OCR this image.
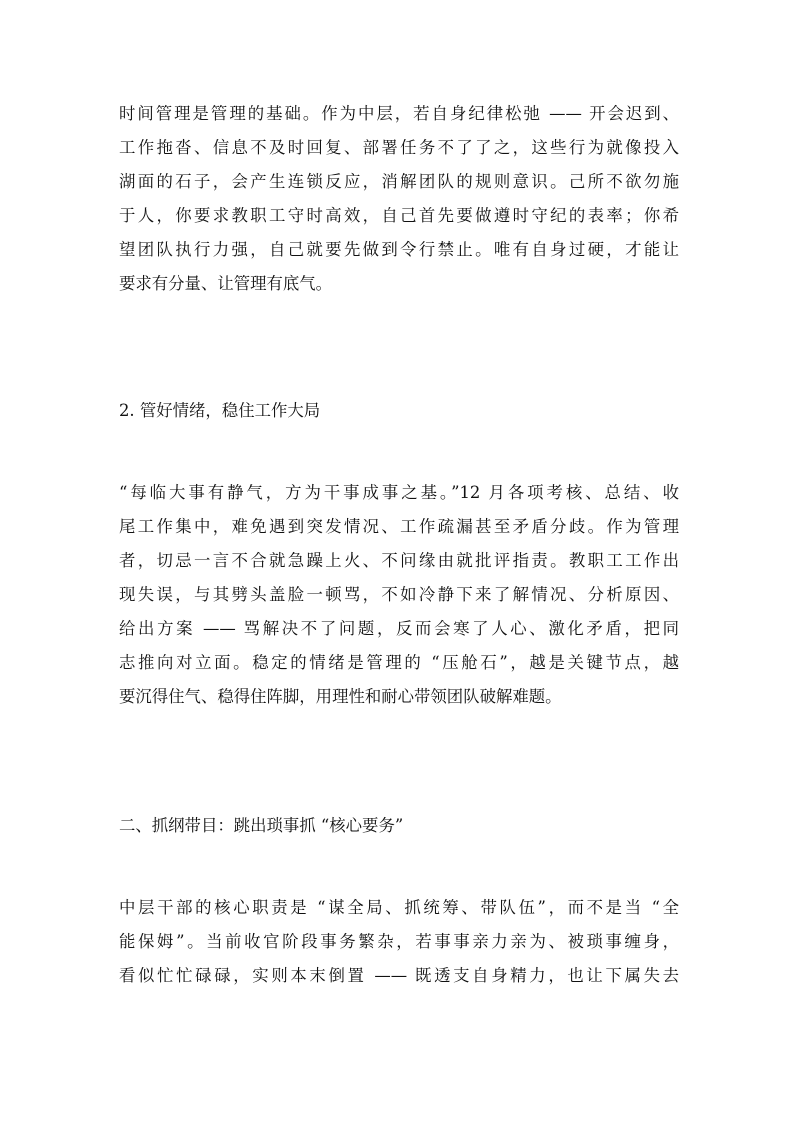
时间管理是管理的基础。作为中层，若自身纪律松弛 —— 开会迟到、
工作拖沓、信息不及时回复、部署任务不了了之，这些行为就像投入
湖面的石子，会产生连锁反应，消解团队的规则意识。己所不欲勿施
于人，你要求教职工守时高效，自己首先要做遵时守纪的表率；你希
望团队执行力强，自己就要先做到令行禁止。唯有自身过硬，才能让
要求有分量、让管理有底气。
2. 管好情绪，稳住工作大局
“每临大事有静气，方为干事成事之基。”12 月各项考核、总结、收
尾工作集中，难免遇到突发情况、工作疏漏甚至矛盾分歧。作为管理
者，切忌一言不合就急躁上火、不问缘由就批评指责。教职工工作出
现失误，与其劈头盖脸一顿骂，不如冷静下来了解情况、分析原因、
给出方案 —— 骂解决不了问题，反而会寒了人心、激化矛盾，把同
志推向对立面。稳定的情绪是管理的 “压舱石”，越是关键节点，越
要沉得住气、稳得住阵脚，用理性和耐心带领团队破解难题。
二、抓纲带目：跳出琐事抓 “核心要务”
中层干部的核心职责是 “谋全局、抓统筹、带队伍”，而不是当 “全
能保姆”。当前收官阶段事务繁杂，若事事亲力亲为、被琐事缠身，
看似忙忙碌碌，实则本末倒置 —— 既透支自身精力，也让下属失去
